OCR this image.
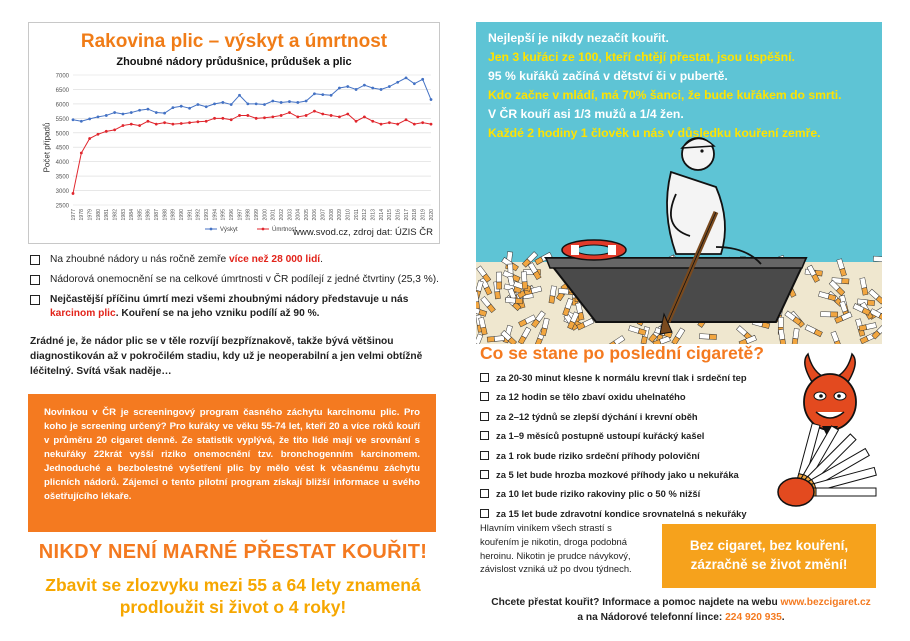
Rakovina plic – výskyt a úmrtnost
Zhoubné nádory průdušnice, průdušek a plic
Počet případů
2500
3000
3500
4000
4500
5000
5500
6000
6500
7000
1977 1978 1979 1980 1981 1982 1983 1984 1985 1986 1987 1988 1989 1990 1991 1992 1993 1994 1995 1996 1997 1998 1999 2000 2001 2002 2003 2004 2005 2006 2007 2008 2009 2010 2011 2012 2013 2014 2015 2016 2017 2018 2019 2020
Výskyt	Úmrtnost
www.svod.cz, zdroj dat: ÚZIS ČR
Na zhoubné nádory u nás ročně zemře více než 28 000 lidí.
Nádorová onemocnění se na celkové úmrtnosti v ČR podílejí z jedné čtvrtiny (25,3 %).
Nejčastější příčinu úmrtí mezi všemi zhoubnými nádory představuje u nás karcinom plic. Kouření se na jeho vzniku podílí až 90 %.
Zrádné je, že nádor plic se v těle rozvíjí bezpříznakově, takže bývá většinou diagnostikován až v pokročilém stadiu, kdy už je neoperabilní a jen velmi obtížně léčitelný. Svítá však naděje…
Novinkou v ČR je screeningový program časného záchytu karcinomu plic. Pro koho je screening určený? Pro kuřáky ve věku 55-74 let, kteří 20 a více roků kouří v průměru 20 cigaret denně. Ze statistik vyplývá, že tito lidé mají ve srovnání s nekuřáky 22krát vyšší riziko onemocnění tzv. bronchogenním karcinomem. Jednoduché a bezbolestné vyšetření plic by mělo vést k včasnému záchytu plicních nádorů. Zájemci o tento pilotní program získají bližší informace u svého ošetřujícího lékaře.
NIKDY NENÍ MARNÉ PŘESTAT KOUŘIT!
Zbavit se zlozvyku mezi 55 a 64 lety znamená prodloužit si život o 4 roky!
Nejlepší je nikdy nezačít kouřit.
Jen 3 kuřáci ze 100, kteří chtějí přestat, jsou úspěšní.
95 % kuřáků začíná v dětství či v pubertě.
Kdo začne v mládí, má 70% šanci, že bude kuřákem do smrti.
V ČR kouří asi 1/3 mužů a 1/4 žen.
Každé 2 hodiny 1 člověk u nás v důsledku kouření zemře.
Co se stane po poslední cigaretě?
za 20-30 minut klesne k normálu krevní tlak i srdeční tep
za 12 hodin se tělo zbaví oxidu uhelnatého
za 2–12 týdnů se zlepší dýchání i krevní oběh
za 1–9 měsíců postupně ustoupí kuřácký kašel
za 1 rok bude riziko srdeční příhody poloviční
za 5 let bude hrozba mozkové příhody jako u nekuřáka
za 10 let bude riziko rakoviny plic o 50 % nižší
za 15 let bude zdravotní kondice srovnatelná s nekuřáky
Hlavním viníkem všech strastí s kouřením je nikotin, droga podobná heroinu. Nikotin je prudce návykový, závislost vzniká už po dvou týdnech.
Bez cigaret, bez kouření, zázračně se život změní!
Chcete přestat kouřit? Informace a pomoc najdete na webu www.bezcigaret.cz
a na Nádorové telefonní lince: 224 920 935.
